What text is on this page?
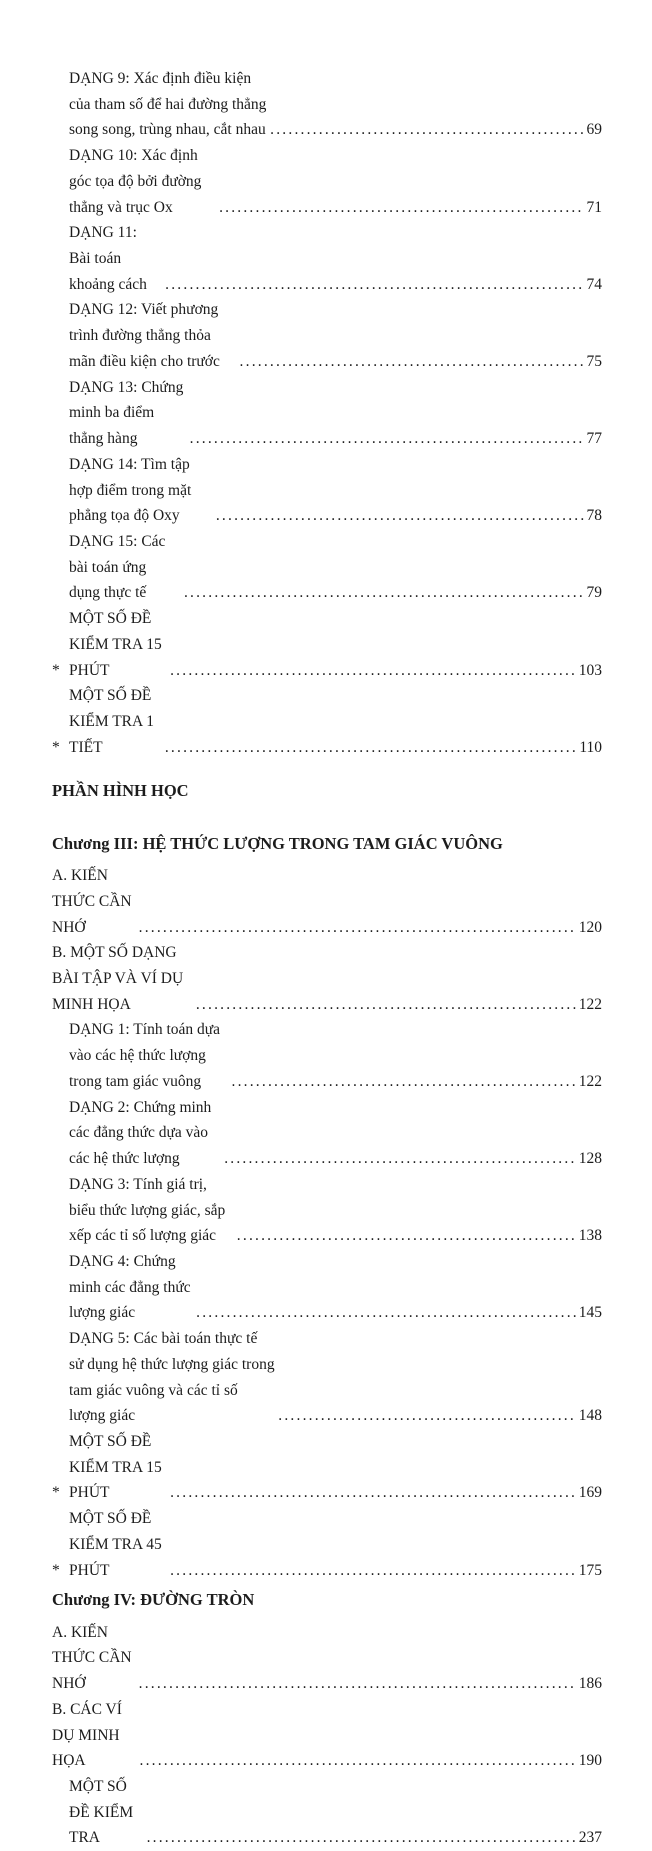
DẠNG 9: Xác định điều kiện của tham số để hai đường thẳng song song, trùng nhau, cắt nhau .....	69
DẠNG 10: Xác định góc tọa độ bởi đường thẳng và trục Ox .....	71
DẠNG 11: Bài toán khoảng cách .....	74
DẠNG 12: Viết phương trình đường thẳng thỏa mãn điều kiện cho trước .....	75
DẠNG 13: Chứng minh ba điểm thẳng hàng .....	77
DẠNG 14: Tìm tập hợp điểm trong mặt phẳng tọa độ Oxy .....	78
DẠNG 15: Các bài toán ứng dụng thực tế .....	79
*
MỘT SỐ ĐỀ KIỂM TRA 15 PHÚT .....	103
*
MỘT SỐ ĐỀ KIỂM TRA 1 TIẾT .....	110
PHẦN HÌNH HỌC
Chương III: HỆ THỨC LƯỢNG TRONG TAM GIÁC VUÔNG
A. KIẾN THỨC CẦN NHỚ .....	120
B. MỘT SỐ DẠNG BÀI TẬP VÀ VÍ DỤ MINH HỌA .....	122
DẠNG 1: Tính toán dựa vào các hệ thức lượng trong tam giác vuông .....	122
DẠNG 2: Chứng minh các đẳng thức dựa vào các hệ thức lượng .....	128
DẠNG 3: Tính giá trị, biểu thức lượng giác, sắp xếp các tỉ số lượng giác .....	138
DẠNG 4: Chứng minh các đẳng thức lượng giác .....	145
DẠNG 5: Các bài toán thực tế sử dụng hệ thức lượng giác trong tam giác vuông và các tỉ số lượng giác .....	148
*
MỘT SỐ ĐỀ KIỂM TRA 15 PHÚT .....	169
*
MỘT SỐ ĐỀ KIỂM TRA 45 PHÚT .....	175
Chương IV: ĐƯỜNG TRÒN
A. KIẾN THỨC CẦN NHỚ .....	186
B. CÁC VÍ DỤ MINH HỌA .....	190
MỘT SỐ ĐỀ KIỂM TRA .....	237
